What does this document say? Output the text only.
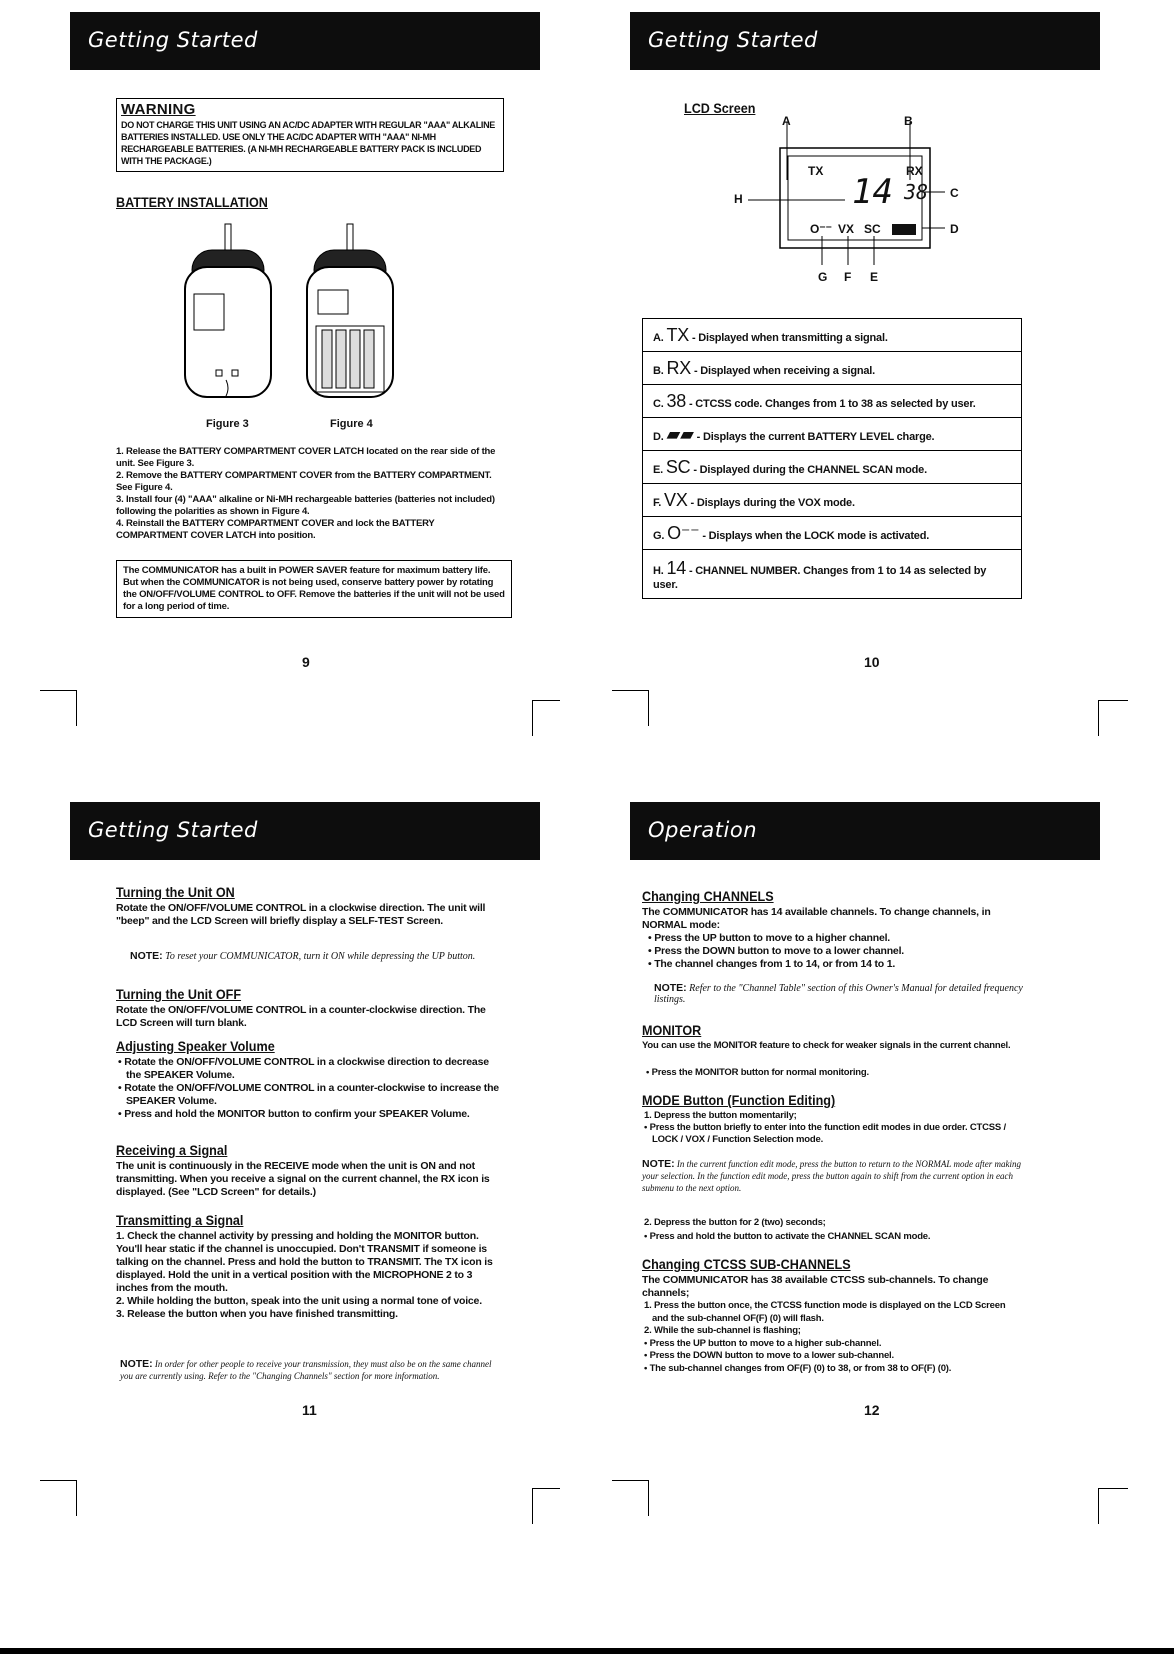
Getting Started
WARNING

DO NOT CHARGE THIS UNIT USING AN AC/DC ADAPTER WITH REGULAR "AAA" ALKALINE BATTERIES INSTALLED. USE ONLY THE AC/DC ADAPTER WITH "AAA" NI-MH RECHARGEABLE BATTERIES. (A NI-MH RECHARGEABLE BATTERY PACK IS INCLUDED WITH THE PACKAGE.)

BATTERY INSTALLATION
Figure 3	Figure 4
1. Release the BATTERY COMPARTMENT COVER LATCH located on the rear side of the unit. See Figure 3.
2. Remove the BATTERY COMPARTMENT COVER from the BATTERY COMPARTMENT. See Figure 4.
3. Install four (4) "AAA" alkaline or Ni-MH rechargeable batteries (batteries not included) following the polarities as shown in Figure 4.
4. Reinstall the BATTERY COMPARTMENT COVER and lock the BATTERY COMPARTMENT COVER LATCH into position.
The COMMUNICATOR has a built in POWER SAVER feature for maximum battery life. But when the COMMUNICATOR is not being used, conserve battery power by rotating the ON/OFF/VOLUME CONTROL to OFF. Remove the batteries if the unit will not be used for a long period of time.
9
Getting Started
LCD Screen
A	B
C
D
H
G F E
TX	RX
14 38
O⁻⁻ VX SC
A. TX - Displayed when transmitting a signal.
B. RX - Displayed when receiving a signal.
C. 38 - CTCSS code. Changes from 1 to 38 as selected by user.
D. ▰▰ - Displays the current BATTERY LEVEL charge.
E. SC - Displayed during the CHANNEL SCAN mode.
F. VX - Displays during the VOX mode.
G. O⁻⁻ - Displays when the LOCK mode is activated.
H. 14 - CHANNEL NUMBER. Changes from 1 to 14 as selected by user.
10
Getting Started
Turning the Unit ON
Rotate the ON/OFF/VOLUME CONTROL in a clockwise direction. The unit will "beep" and the LCD Screen will briefly display a SELF-TEST Screen.
NOTE: To reset your COMMUNICATOR, turn it ON while depressing the UP button.
Turning the Unit OFF
Rotate the ON/OFF/VOLUME CONTROL in a counter-clockwise direction. The LCD Screen will turn blank.
Adjusting Speaker Volume
• Rotate the ON/OFF/VOLUME CONTROL in a clockwise direction to decrease the SPEAKER Volume.
• Rotate the ON/OFF/VOLUME CONTROL in a counter-clockwise to increase the SPEAKER Volume.
• Press and hold the MONITOR button to confirm your SPEAKER Volume.
Receiving a Signal
The unit is continuously in the RECEIVE mode when the unit is ON and not transmitting. When you receive a signal on the current channel, the RX icon is displayed. (See "LCD Screen" for details.)
Transmitting a Signal
1. Check the channel activity by pressing and holding the MONITOR button. You'll hear static if the channel is unoccupied. Don't TRANSMIT if someone is talking on the channel. Press and hold the button to TRANSMIT. The TX icon is displayed. Hold the unit in a vertical position with the MICROPHONE 2 to 3 inches from the mouth.
2. While holding the button, speak into the unit using a normal tone of voice.
3. Release the button when you have finished transmitting.
NOTE: In order for other people to receive your transmission, they must also be on the same channel you are currently using. Refer to the "Changing Channels" section for more information.
11
Operation
Changing CHANNELS
The COMMUNICATOR has 14 available channels. To change channels, in NORMAL mode:
• Press the UP button to move to a higher channel.
• Press the DOWN button to move to a lower channel.
• The channel changes from 1 to 14, or from 14 to 1.
NOTE: Refer to the "Channel Table" section of this Owner's Manual for detailed frequency listings.
MONITOR
You can use the MONITOR feature to check for weaker signals in the current channel.
• Press the MONITOR button for normal monitoring.
MODE Button (Function Editing)
1. Depress the button momentarily;
• Press the button briefly to enter into the function edit modes in due order. CTCSS / LOCK / VOX / Function Selection mode.
NOTE: In the current function edit mode, press the button to return to the NORMAL mode after making your selection. In the function edit mode, press the button again to shift from the current option in each submenu to the next option.
2. Depress the button for 2 (two) seconds;
• Press and hold the button to activate the CHANNEL SCAN mode.
Changing CTCSS SUB-CHANNELS
The COMMUNICATOR has 38 available CTCSS sub-channels. To change channels;
1. Press the button once, the CTCSS function mode is displayed on the LCD Screen and the sub-channel OF(F) (0) will flash.
2. While the sub-channel is flashing;
• Press the UP button to move to a higher sub-channel.
• Press the DOWN button to move to a lower sub-channel.
• The sub-channel changes from OF(F) (0) to 38, or from 38 to OF(F) (0).
12
